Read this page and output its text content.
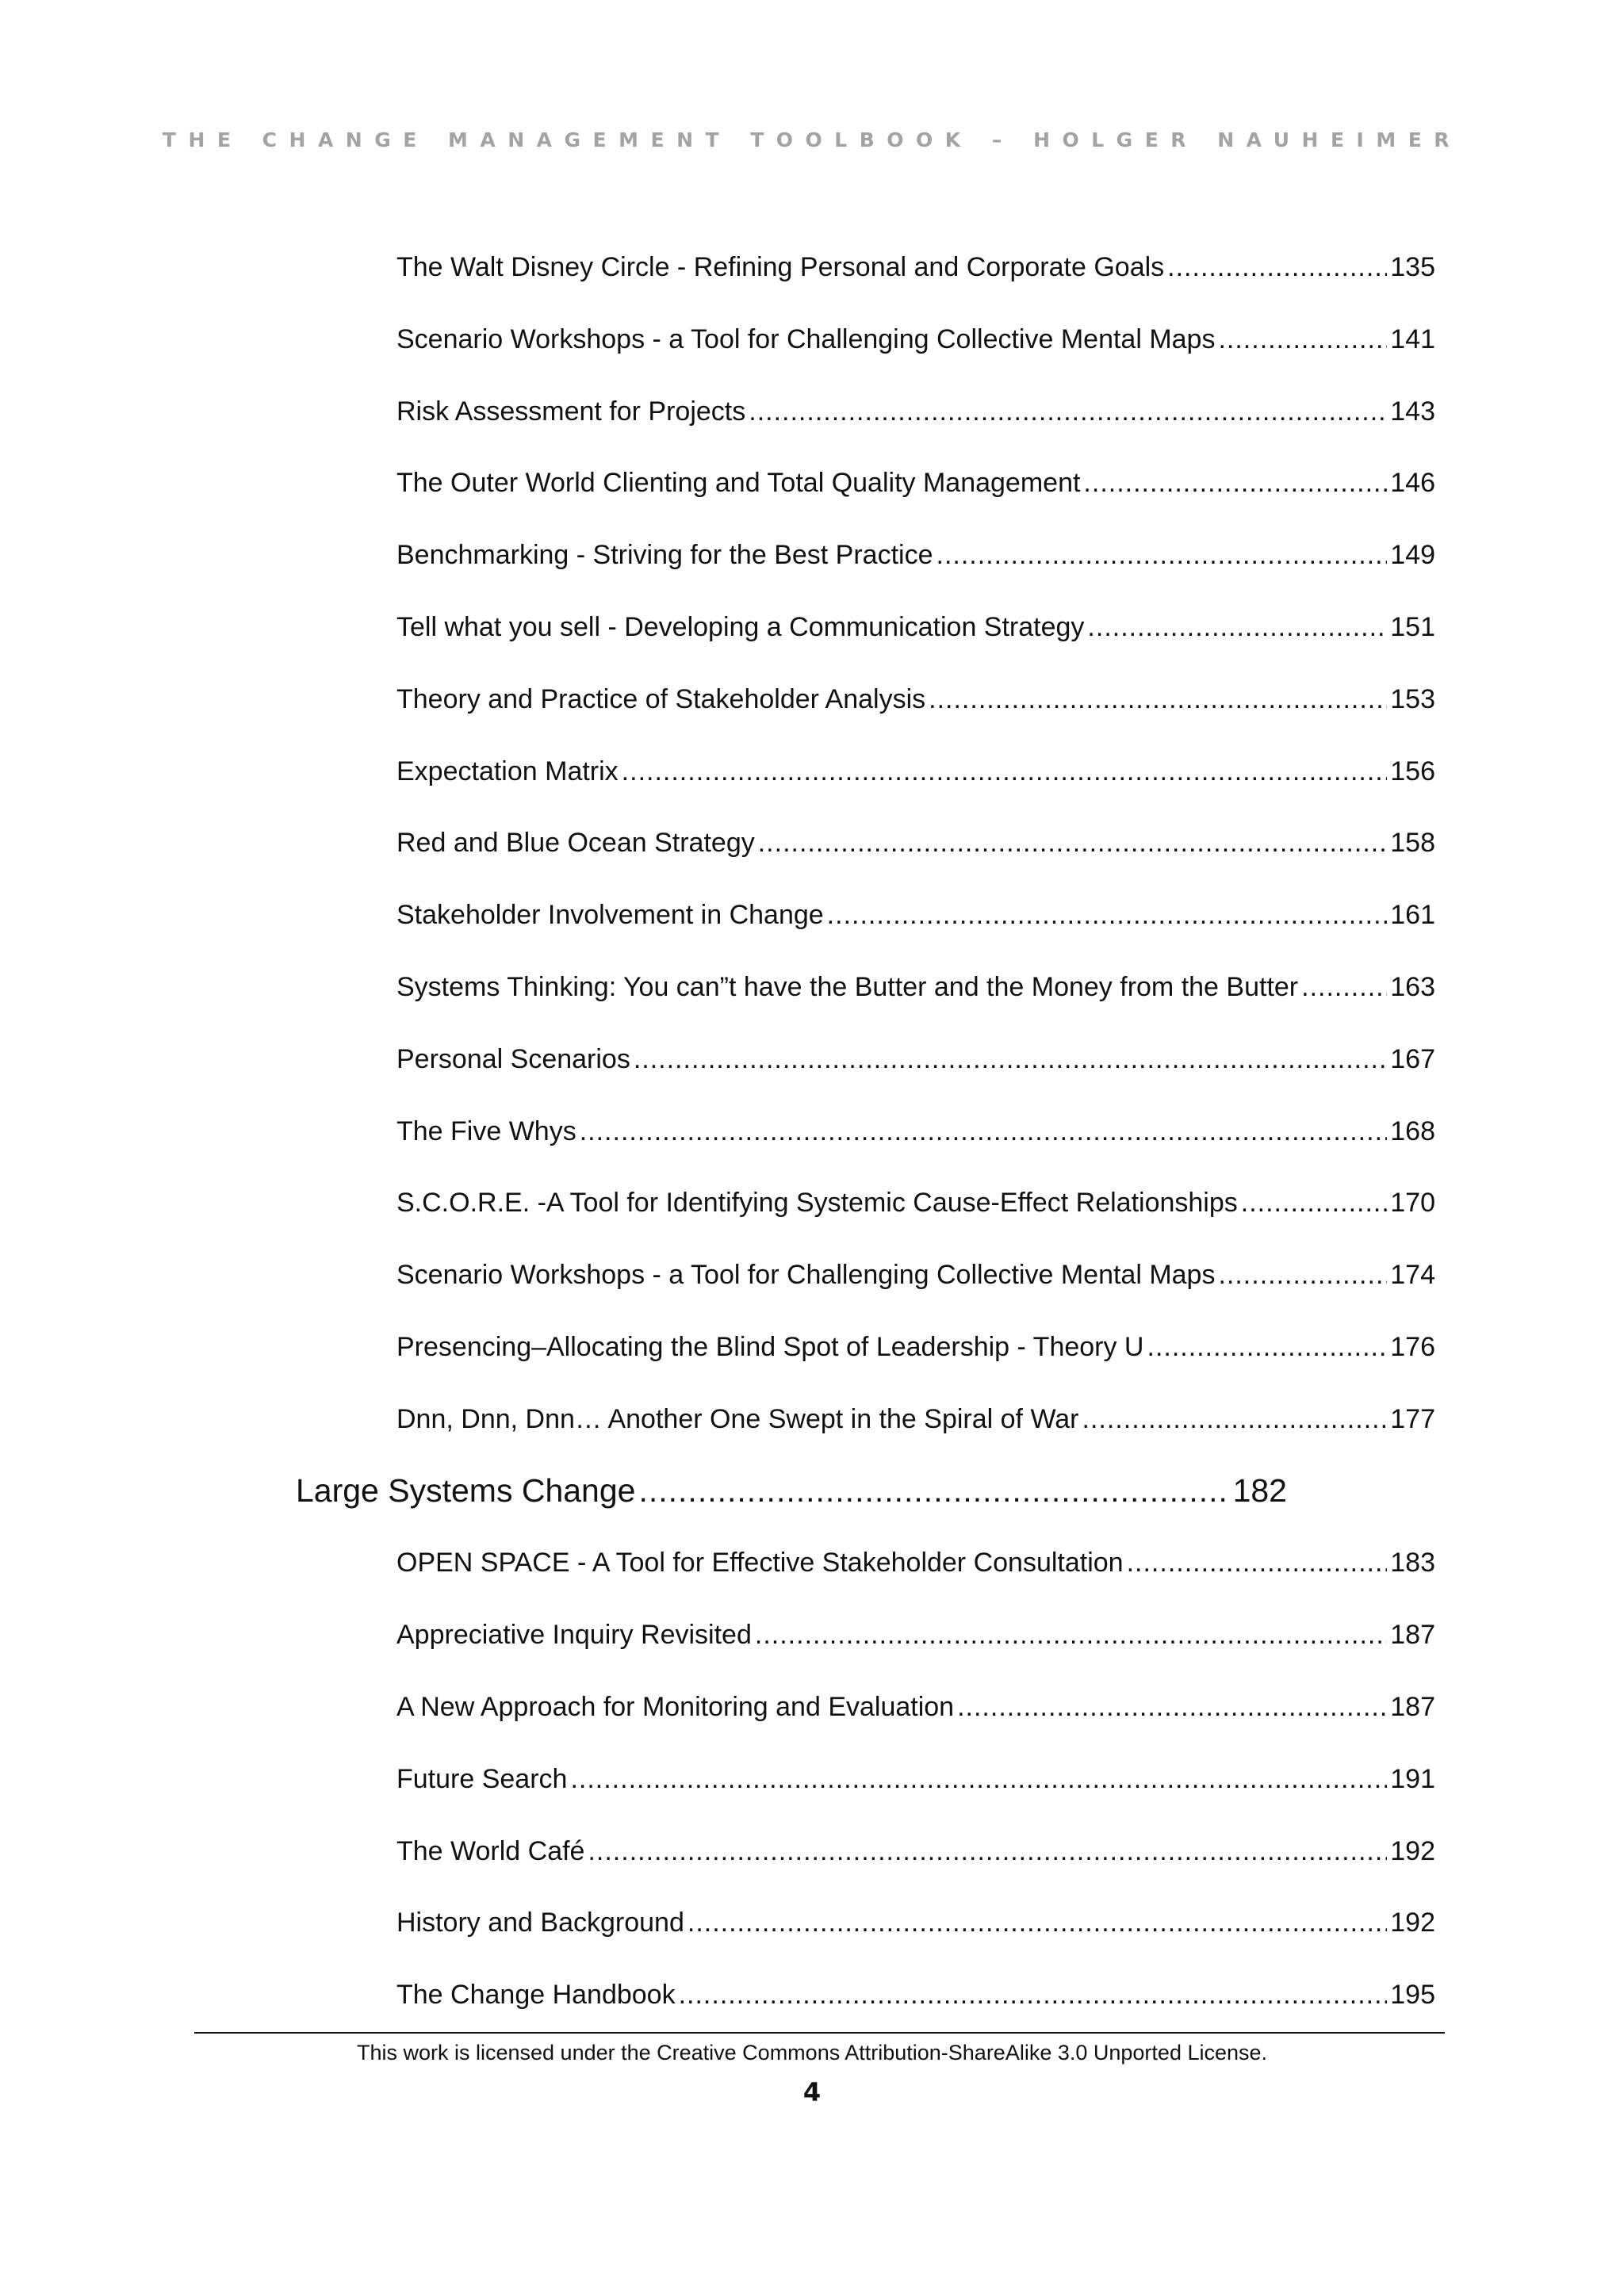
THE CHANGE MANAGEMENT TOOLBOOK – HOLGER NAUHEIMER
The Walt Disney Circle - Refining Personal and Corporate Goals .....	135
Scenario Workshops - a Tool for Challenging Collective Mental Maps .....	141
Risk Assessment for Projects .....	143
The Outer World Clienting and Total Quality Management .....	146
Benchmarking - Striving for the Best Practice .....	149
Tell what you sell - Developing a Communication Strategy .....	151
Theory and Practice of Stakeholder Analysis .....	153
Expectation Matrix .....	156
Red and Blue Ocean Strategy .....	158
Stakeholder Involvement in Change .....	161
Systems Thinking: You can”t have the Butter and the Money from the Butter .....	163
Personal Scenarios .....	167
The Five Whys .....	168
S.C.O.R.E. -A Tool for Identifying Systemic Cause-Effect Relationships .....	170
Scenario Workshops - a Tool for Challenging Collective Mental Maps .....	174
Presencing–Allocating the Blind Spot of Leadership - Theory U .....	176
Dnn, Dnn, Dnn… Another One Swept in the Spiral of War .....	177
Large Systems Change .....	182
OPEN SPACE - A Tool for Effective Stakeholder Consultation .....	183
Appreciative Inquiry Revisited .....	187
A New Approach for Monitoring and Evaluation .....	187
Future Search .....	191
The World Café .....	192
History and Background .....	192
The Change Handbook .....	195
This work is licensed under the Creative Commons Attribution-ShareAlike 3.0 Unported License.
4
